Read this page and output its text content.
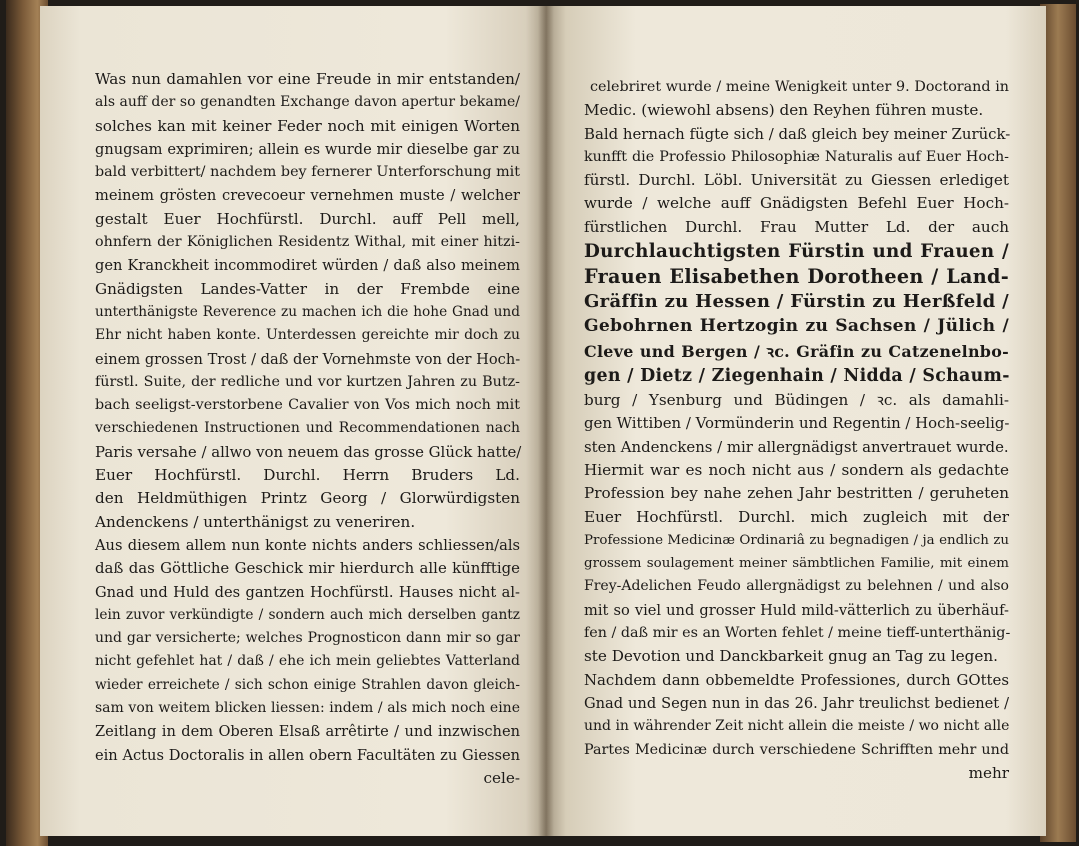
Was nun damahlen vor eine Freude in mir entstanden/
als auff der so genandten Exchange davon apertur bekame/
solches kan mit keiner Feder noch mit einigen Worten
gnugsam exprimiren; allein es wurde mir dieselbe gar zu
bald verbittert/ nachdem bey fernerer Unterforschung mit
meinem grösten crevecoeur vernehmen muste / welcher
gestalt Euer Hochfürstl. Durchl. auff Pell mell,
ohnfern der Königlichen Residentz Withal, mit einer hitzi-
gen Kranckheit incommodiret würden / daß also meinem
Gnädigsten Landes-Vatter in der Frembde eine
unterthänigste Reverence zu machen ich die hohe Gnad und
Ehr nicht haben konte. Unterdessen gereichte mir doch zu
einem grossen Trost / daß der Vornehmste von der Hoch-
fürstl. Suite, der redliche und vor kurtzen Jahren zu Butz-
bach seeligst-verstorbene Cavalier von Vos mich noch mit
verschiedenen Instructionen und Recommendationen nach
Paris versahe / allwo von neuem das grosse Glück hatte/
Euer Hochfürstl. Durchl. Herrn Bruders Ld.
den Heldmüthigen Printz Georg / Glorwürdigsten
Andenckens / unterthänigst zu veneriren.
Aus diesem allem nun konte nichts anders schliessen/als
daß das Göttliche Geschick mir hierdurch alle künfftige
Gnad und Huld des gantzen Hochfürstl. Hauses nicht al-
lein zuvor verkündigte / sondern auch mich derselben gantz
und gar versicherte; welches Prognosticon dann mir so gar
nicht gefehlet hat / daß / ehe ich mein geliebtes Vatterland
wieder erreichete / sich schon einige Strahlen davon gleich-
sam von weitem blicken liessen: indem / als mich noch eine
Zeitlang in dem Oberen Elsaß arrêtirte / und inzwischen
ein Actus Doctoralis in allen obern Facultäten zu Giessen
cele-
celebriret wurde / meine Wenigkeit unter 9. Doctorand in
Medic. (wiewohl absens) den Reyhen führen muste.
Bald hernach fügte sich / daß gleich bey meiner Zurück-
kunfft die Professio Philosophiæ Naturalis auf Euer Hoch-
fürstl. Durchl. Löbl. Universität zu Giessen erlediget
wurde / welche auff Gnädigsten Befehl Euer Hoch-
fürstlichen Durchl. Frau Mutter Ld. der auch
Durchlauchtigsten Fürstin und Frauen /
Frauen Elisabethen Dorotheen / Land-
Gräffin zu Hessen / Fürstin zu Herßfeld /
Gebohrnen Hertzogin zu Sachsen / Jülich /
Cleve und Bergen / ꝛc. Gräfin zu Catzenelnbo-
gen / Dietz / Ziegenhain / Nidda / Schaum-
burg / Ysenburg und Büdingen / ꝛc. als damahli-
gen Wittiben / Vormünderin und Regentin / Hoch-seelig-
sten Andenckens / mir allergnädigst anvertrauet wurde.
Hiermit war es noch nicht aus / sondern als gedachte
Profession bey nahe zehen Jahr bestritten / geruheten
Euer Hochfürstl. Durchl. mich zugleich mit der
Professione Medicinæ Ordinariâ zu begnadigen / ja endlich zu
grossem soulagement meiner sämbtlichen Familie, mit einem
Frey-Adelichen Feudo allergnädigst zu belehnen / und also
mit so viel und grosser Huld mild-vätterlich zu überhäuf-
fen / daß mir es an Worten fehlet / meine tieff-unterthänig-
ste Devotion und Danckbarkeit gnug an Tag zu legen.
Nachdem dann obbemeldte Professiones, durch GOttes
Gnad und Segen nun in das 26. Jahr treulichst bedienet /
und in währender Zeit nicht allein die meiste / wo nicht alle
Partes Medicinæ durch verschiedene Schrifften mehr und
mehr
